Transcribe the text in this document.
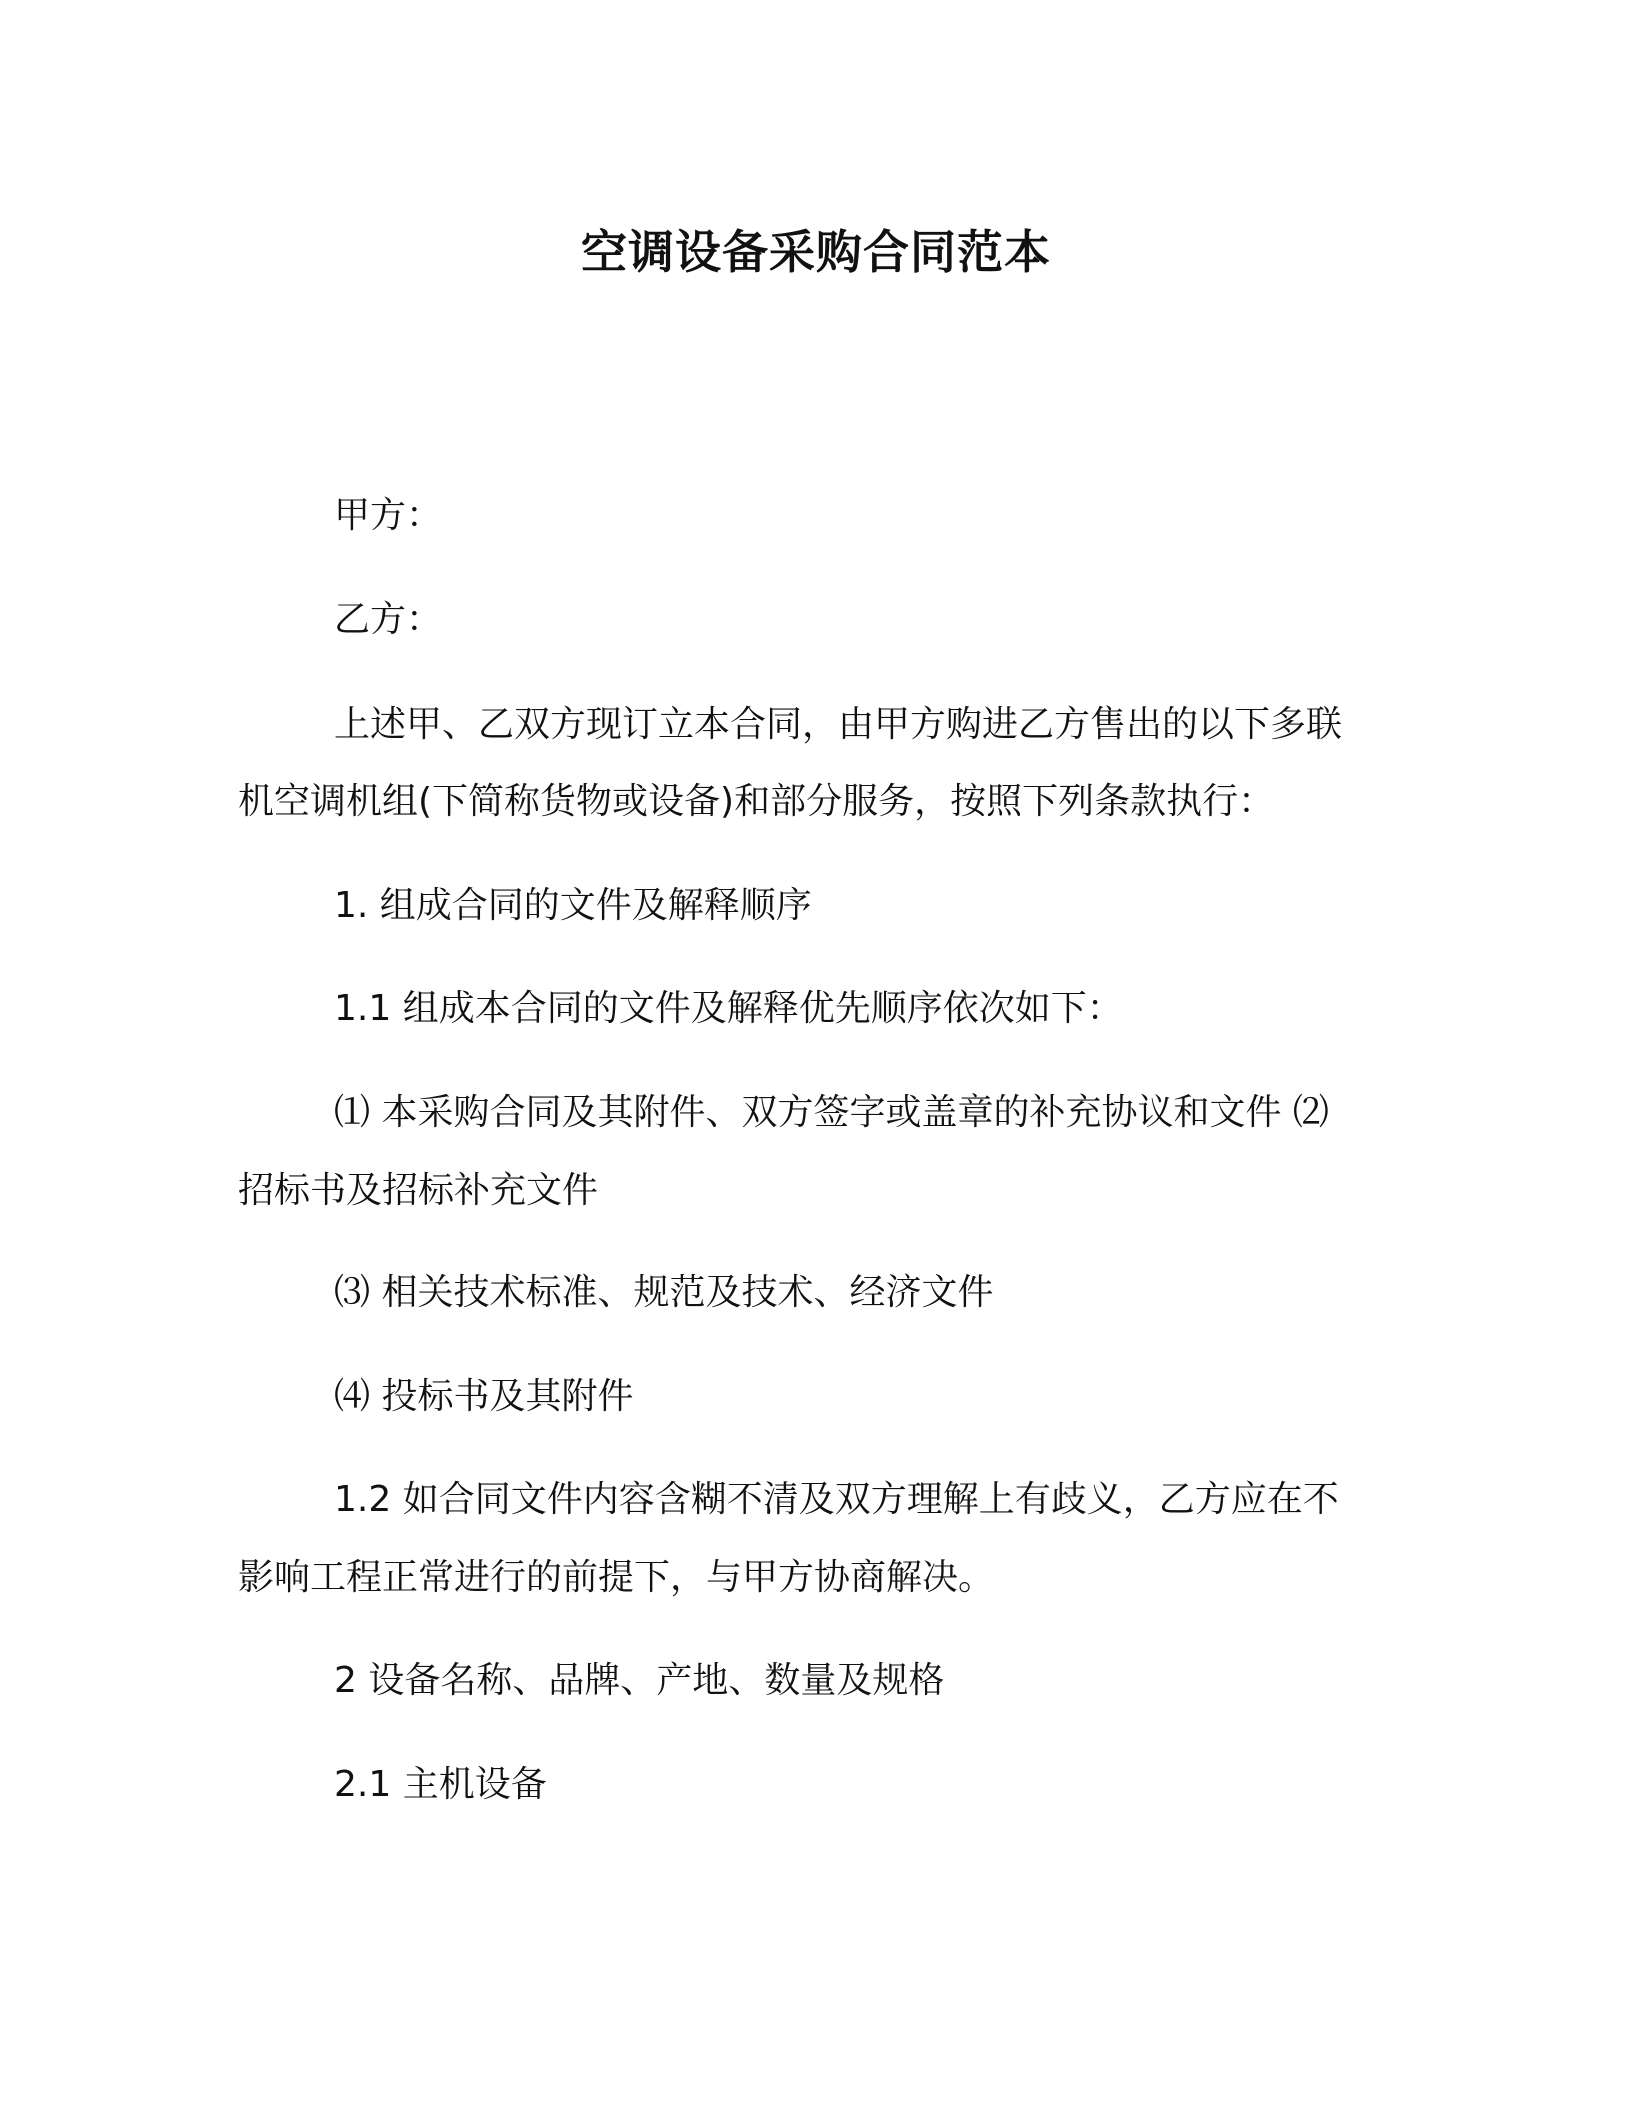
空调设备采购合同范本
甲方：
乙方：
上述甲、乙双方现订立本合同，由甲方购进乙方售出的以下多联
机空调机组(下简称货物或设备)和部分服务，按照下列条款执行：
1. 组成合同的文件及解释顺序
1.1 组成本合同的文件及解释优先顺序依次如下：
⑴ 本采购合同及其附件、双方签字或盖章的补充协议和文件 ⑵
招标书及招标补充文件
⑶ 相关技术标准、规范及技术、经济文件
⑷ 投标书及其附件
1.2 如合同文件内容含糊不清及双方理解上有歧义，乙方应在不
影响工程正常进行的前提下，与甲方协商解决。
2 设备名称、品牌、产地、数量及规格
2.1 主机设备
